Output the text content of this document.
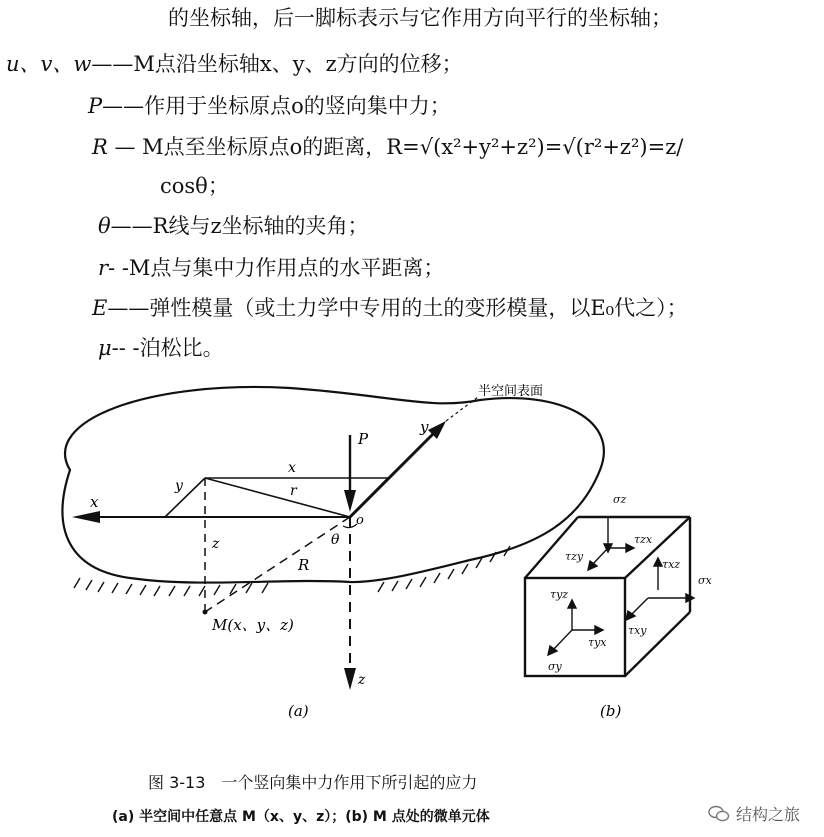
的坐标轴，后一脚标表示与它作用方向平行的坐标轴；
u、v、w——M点沿坐标轴x、y、z方向的位移；
P——作用于坐标原点o的竖向集中力；
R — M点至坐标原点o的距离，R=√(x²+y²+z²)=√(r²+z²)=z/
cosθ；
θ——R线与z坐标轴的夹角；
r- -M点与集中力作用点的水平距离；
E——弹性模量（或土力学中专用的土的变形模量，以E₀代之）；
μ-- -泊松比。
x
y
半空间表面
P
x
y	r
z
z
R
θ
o
M(x、y、z)
(a)
σz
τzx
τzy
τxz
σx
τyz
τyx
τxy
σy
(b)
图 3-13　一个竖向集中力作用下所引起的应力
(a) 半空间中任意点 M（x、y、z）；(b) M 点处的微单元体	结构之旅
